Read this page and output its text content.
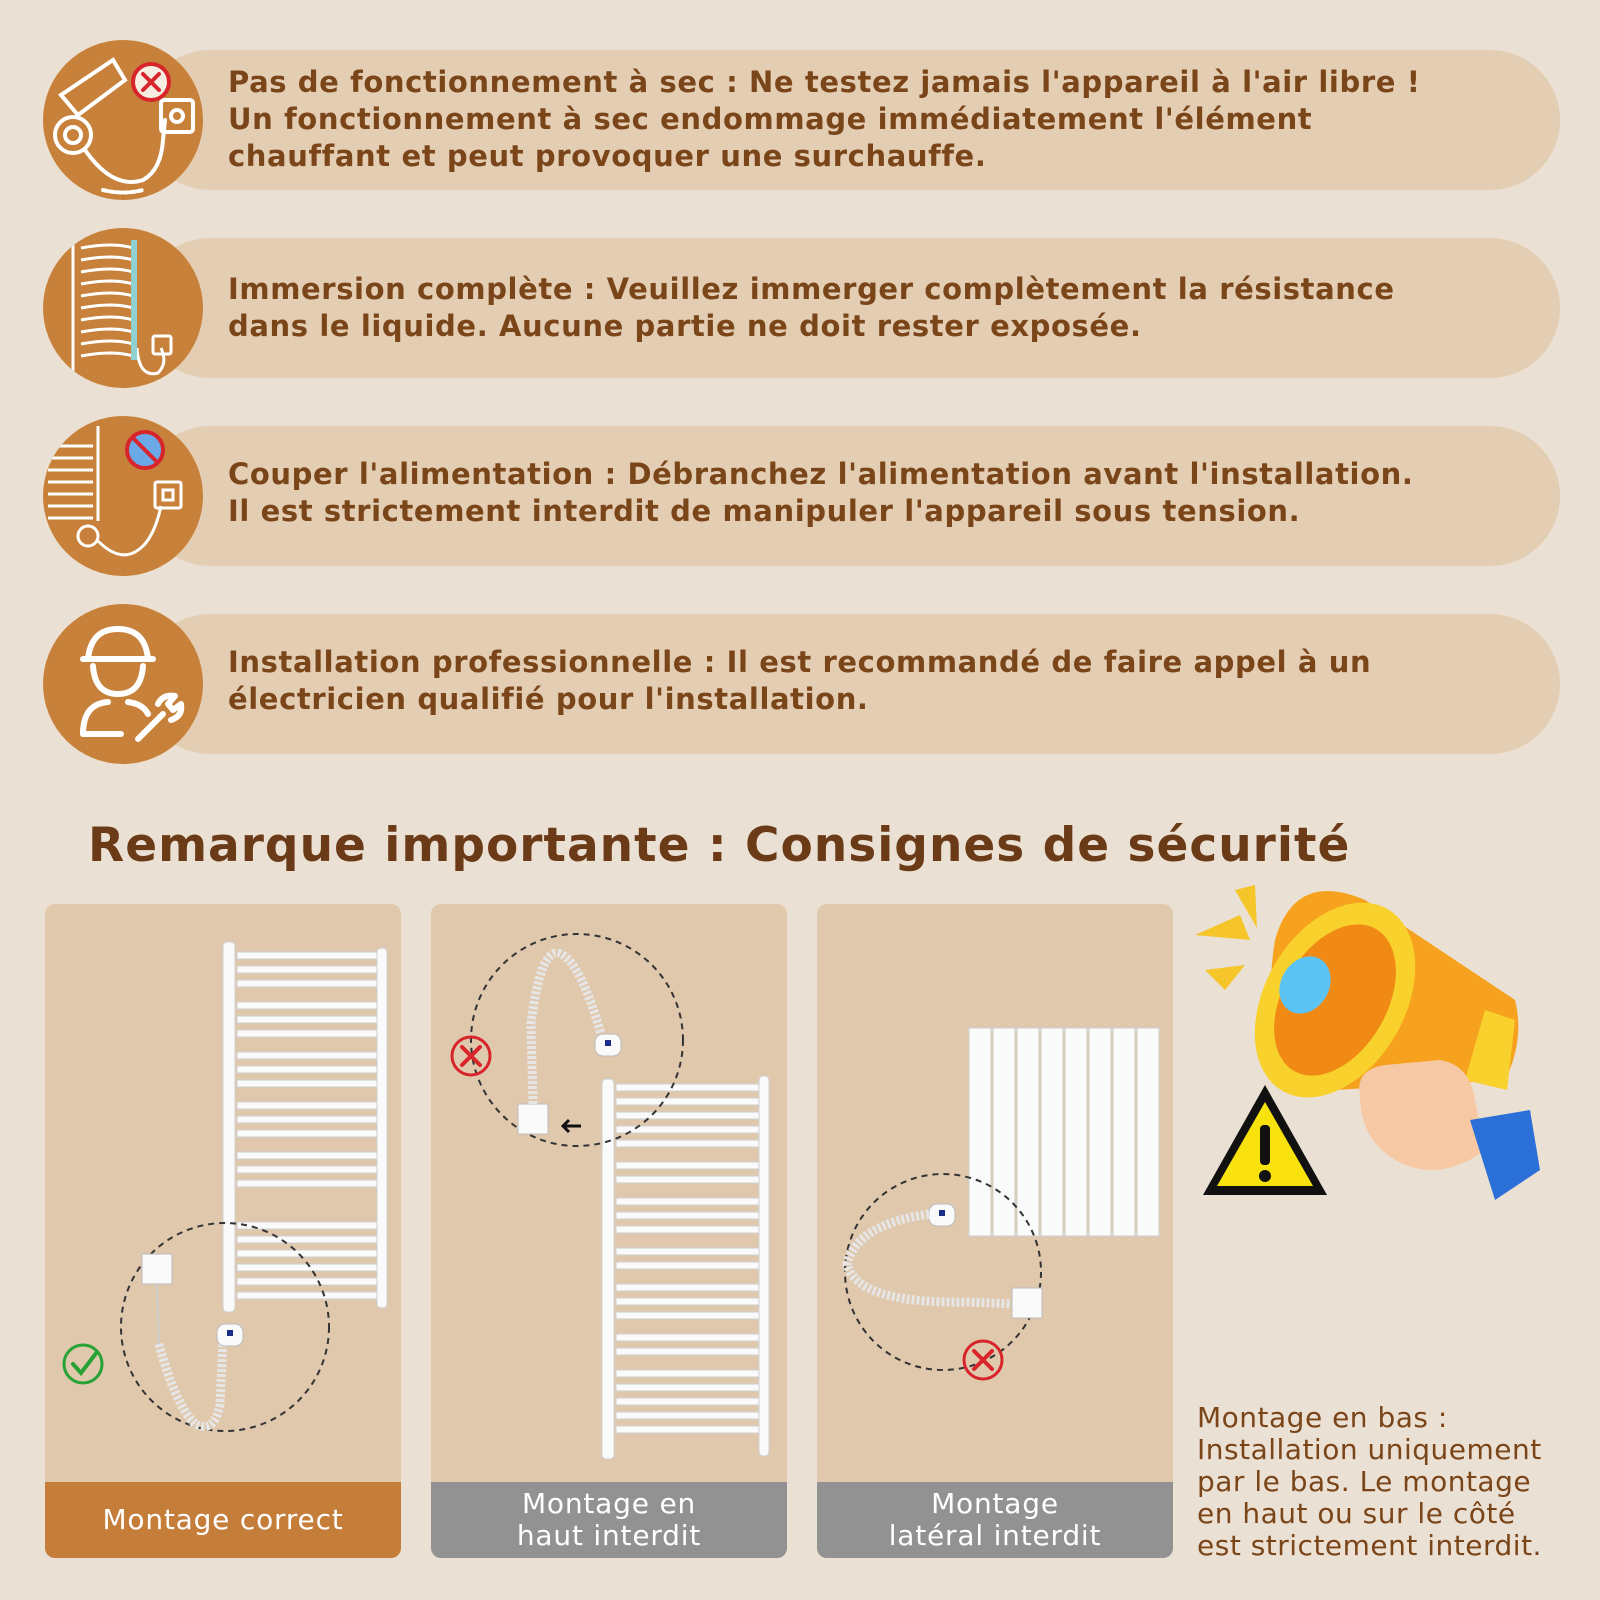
Pas de fonctionnement à sec : Ne testez jamais l'appareil à l'air libre !
Un fonctionnement à sec endommage immédiatement l'élément
chauffant et peut provoquer une surchauffe.
Immersion complète : Veuillez immerger complètement la résistance
dans le liquide. Aucune partie ne doit rester exposée.
Couper l'alimentation : Débranchez l'alimentation avant l'installation.
Il est strictement interdit de manipuler l'appareil sous tension.
Installation professionnelle : Il est recommandé de faire appel à un
électricien qualifié pour l'installation.
Remarque importante : Consignes de sécurité
Montage correct	Montage en
haut interdit
Montage
latéral interdit
Montage en bas :
Installation uniquement
par le bas. Le montage
en haut ou sur le côté
est strictement interdit.
